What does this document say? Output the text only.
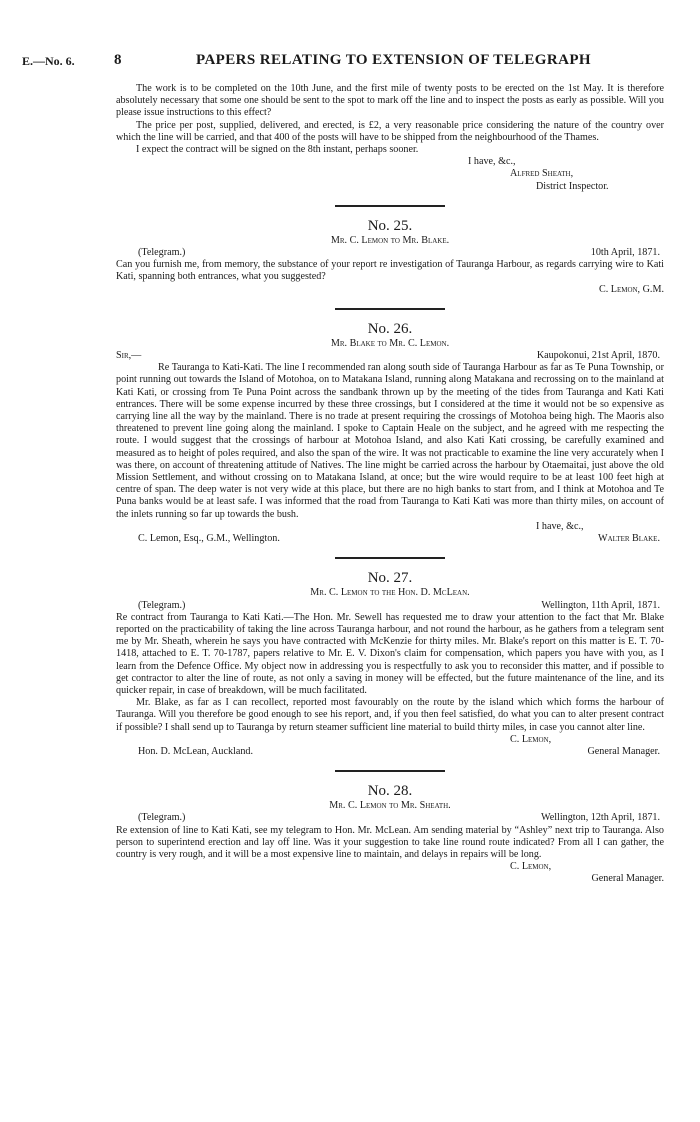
E.—No. 6.	8	PAPERS RELATING TO EXTENSION OF TELEGRAPH

The work is to be completed on the 10th June, and the first mile of twenty posts to be erected on the 1st May. It is therefore absolutely necessary that some one should be sent to the spot to mark off the line and to inspect the posts as early as possible. Will you please issue instructions to this effect?

The price per post, supplied, delivered, and erected, is £2, a very reasonable price considering the nature of the country over which the line will be carried, and that 400 of the posts will have to be shipped from the neighbourhood of the Thames.

I expect the contract will be signed on the 8th instant, perhaps sooner.

I have, &c.,

Alfred Sheath,

District Inspector.

No. 25.

Mr. C. Lemon to Mr. Blake.

(Telegram.)	10th April, 1871.

Can you furnish me, from memory, the substance of your report re investigation of Tauranga Harbour, as regards carrying wire to Kati Kati, spanning both entrances, what you suggested?

C. Lemon, G.M.

No. 26.

Mr. Blake to Mr. C. Lemon.

Sir,—	Kaupokonui, 21st April, 1870.

Re Tauranga to Kati-Kati. The line I recommended ran along south side of Tauranga Harbour as far as Te Puna Township, or point running out towards the Island of Motohoa, on to Matakana Island, running along Matakana and recrossing on to the mainland at Kati Kati, or crossing from Te Puna Point across the sandbank thrown up by the meeting of the tides from Tauranga and Kati Kati entrances. There will be some expense incurred by these three crossings, but I considered at the time it would not be so expensive as carrying line all the way by the mainland. There is no trade at present requiring the crossings of Motohoa being high. The Maoris also threatened to prevent line going along the mainland. I spoke to Captain Heale on the subject, and he agreed with me respecting the route. I would suggest that the crossings of harbour at Motohoa Island, and also Kati Kati crossing, be carefully examined and measured as to height of poles required, and also the span of the wire. It was not practicable to examine the line very accurately when I was there, on account of threatening attitude of Natives. The line might be carried across the harbour by Otaemaitai, just above the old Mission Settlement, and without crossing on to Matakana Island, at once; but the wire would require to be at least 100 feet high at centre of span. The deep water is not very wide at this place, but there are no high banks to start from, and I think at Motohoa and Te Puna banks would be at least safe. I was informed that the road from Tauranga to Kati Kati was more than thirty miles, on account of the inlets running so far up towards the bush.

I have, &c.,

C. Lemon, Esq., G.M., Wellington.	Walter Blake.

No. 27.

Mr. C. Lemon to the Hon. D. McLean.

(Telegram.)	Wellington, 11th April, 1871.

Re contract from Tauranga to Kati Kati.—The Hon. Mr. Sewell has requested me to draw your attention to the fact that Mr. Blake reported on the practicability of taking the line across Tauranga harbour, and not round the harbour, as he gathers from a telegram sent me by Mr. Sheath, wherein he says you have contracted with McKenzie for thirty miles. Mr. Blake's report on this matter is E. T. 70-1418, attached to E. T. 70-1787, papers relative to Mr. E. V. Dixon's claim for compensation, which papers you have with you, as I learn from the Defence Office. My object now in addressing you is respectfully to ask you to reconsider this matter, and if possible to get contractor to alter the line of route, as not only a saving in money will be effected, but the future maintenance of the line, and its quicker repair, in case of breakdown, will be much facilitated.

Mr. Blake, as far as I can recollect, reported most favourably on the route by the island which which forms the harbour of Tauranga. Will you therefore be good enough to see his report, and, if you then feel satisfied, do what you can to alter present contract if possible? I shall send up to Tauranga by return steamer sufficient line material to build thirty miles, in case you cannot alter line.

C. Lemon,

Hon. D. McLean, Auckland.	General Manager.

No. 28.

Mr. C. Lemon to Mr. Sheath.

(Telegram.)	Wellington, 12th April, 1871.

Re extension of line to Kati Kati, see my telegram to Hon. Mr. McLean. Am sending material by “Ashley” next trip to Tauranga. Also person to superintend erection and lay off line. Was it your suggestion to take line round route indicated? From all I can gather, the country is very rough, and it will be a most expensive line to maintain, and delays in repairs will be long.

C. Lemon,

General Manager.
